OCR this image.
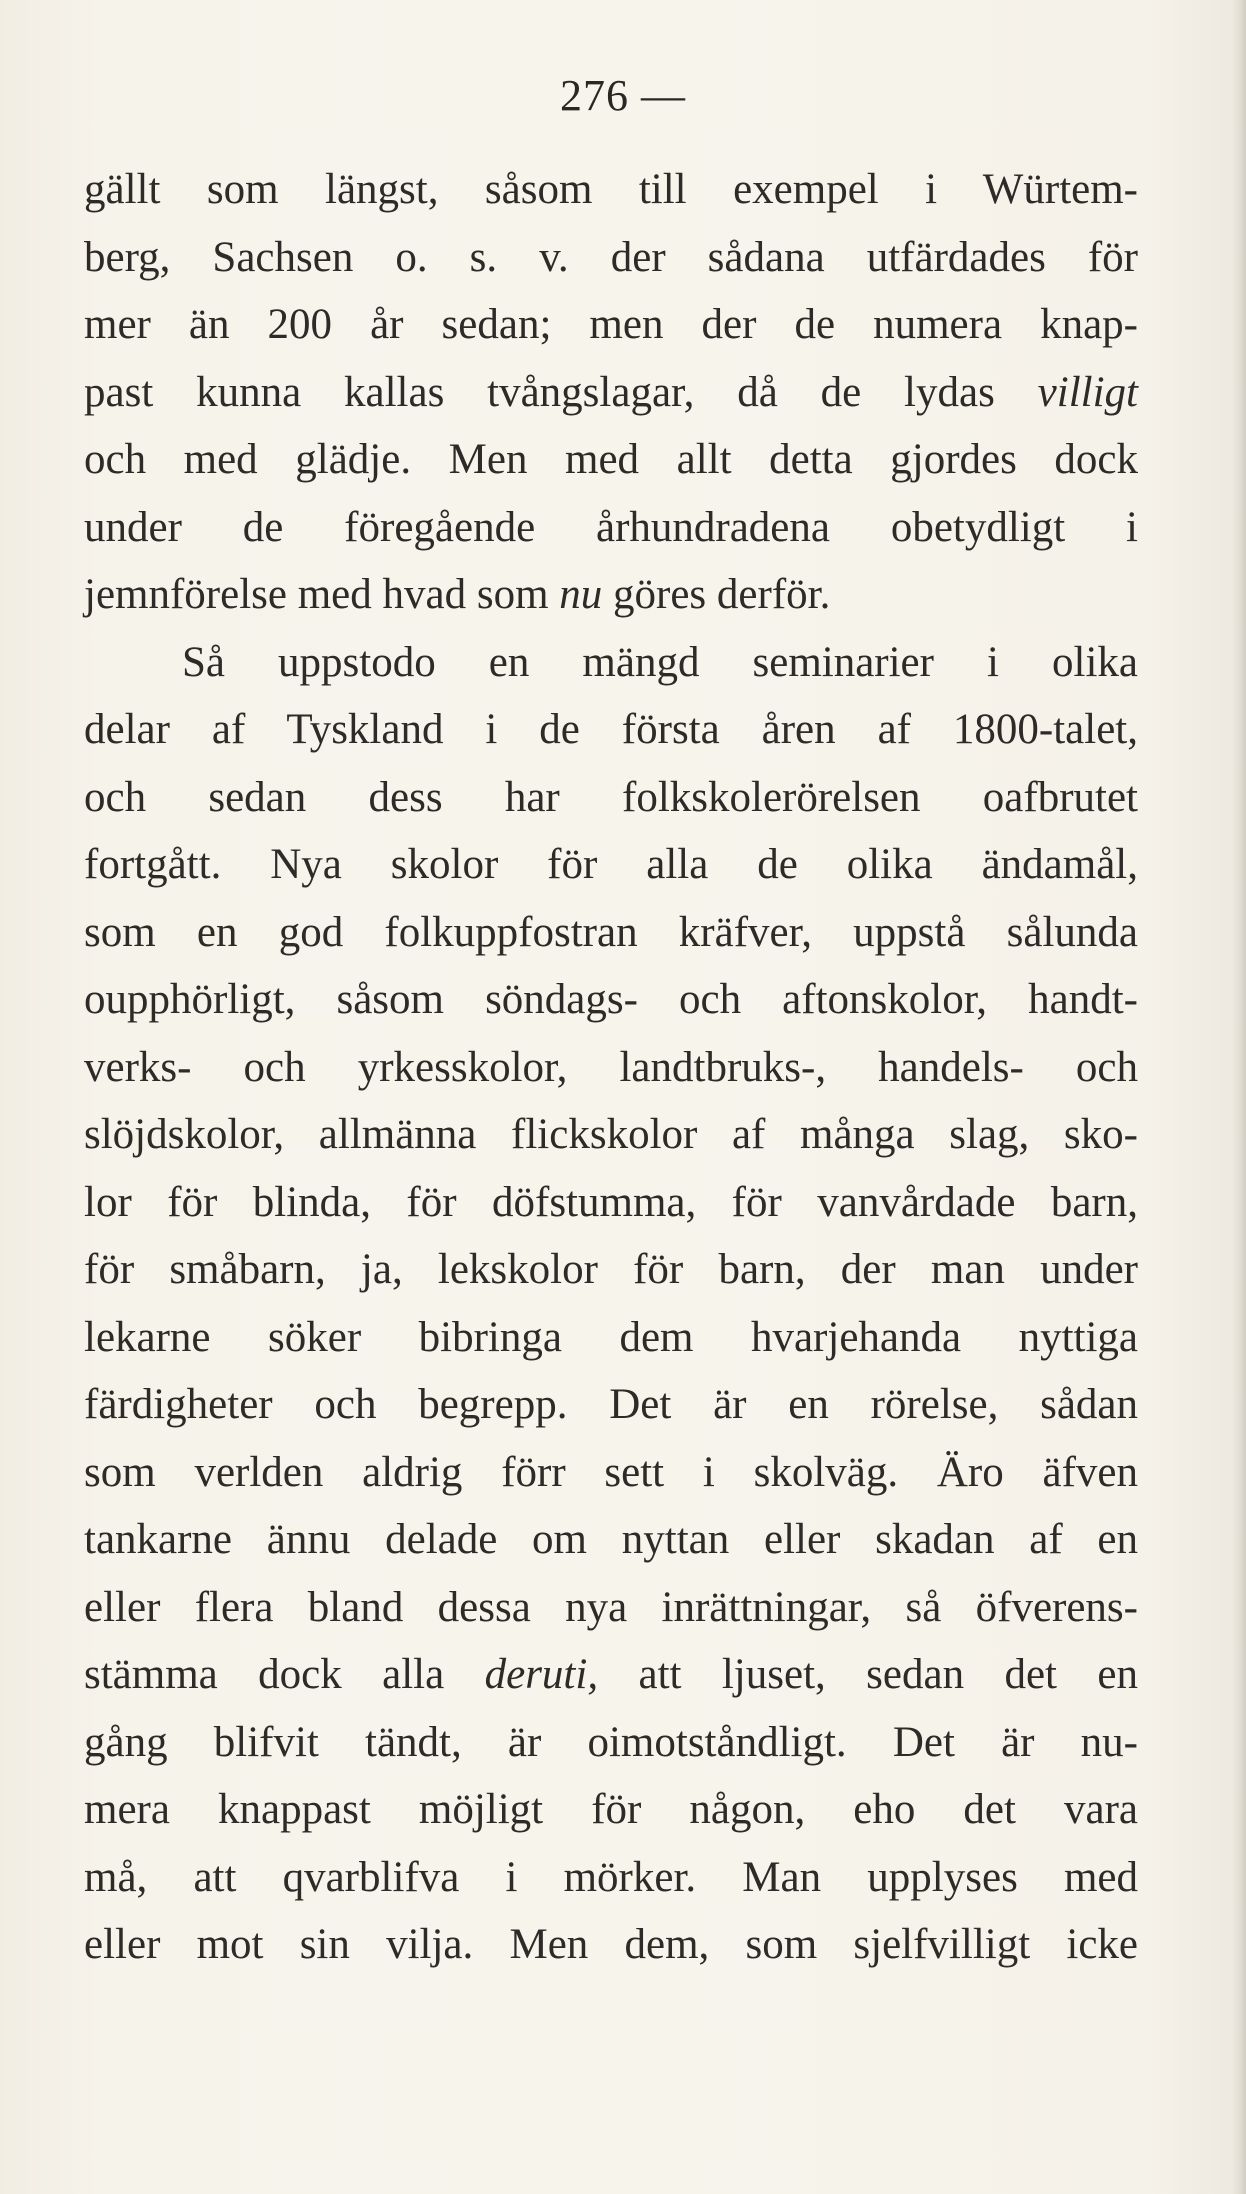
276 —
gällt som längst, såsom till exempel i Würtem-
berg, Sachsen o. s. v. der sådana utfärdades för
mer än 200 år sedan; men der de numera knap-
past kunna kallas tvångslagar, då de lydas villigt
och med glädje. Men med allt detta gjordes dock
under de föregående århundradena obetydligt i
jemnförelse med hvad som nu göres derför.
Så uppstodo en mängd seminarier i olika
delar af Tyskland i de första åren af 1800-talet,
och sedan dess har folkskolerörelsen oafbrutet
fortgått. Nya skolor för alla de olika ändamål,
som en god folkuppfostran kräfver, uppstå sålunda
oupphörligt, såsom söndags- och aftonskolor, handt-
verks- och yrkesskolor, landtbruks-, handels- och
slöjdskolor, allmänna flickskolor af många slag, sko-
lor för blinda, för döfstumma, för vanvårdade barn,
för småbarn, ja, lekskolor för barn, der man under
lekarne söker bibringa dem hvarjehanda nyttiga
färdigheter och begrepp. Det är en rörelse, sådan
som verlden aldrig förr sett i skolväg. Äro äfven
tankarne ännu delade om nyttan eller skadan af en
eller flera bland dessa nya inrättningar, så öfverens-
stämma dock alla deruti, att ljuset, sedan det en
gång blifvit tändt, är oimotståndligt. Det är nu-
mera knappast möjligt för någon, eho det vara
må, att qvarblifva i mörker. Man upplyses med
eller mot sin vilja. Men dem, som sjelfvilligt icke
